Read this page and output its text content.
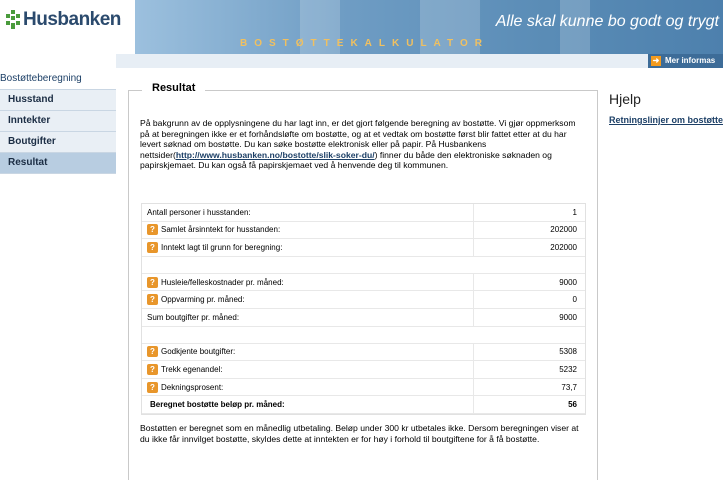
Husbanken	Alle skal kunne bo godt og trygt
BOSTØTTEKALKULATOR
➜ Mer informas
Bostøtteberegning
Husstand
Inntekter
Boutgifter
Resultat
Resultat
På bakgrunn av de opplysningene du har lagt inn, er det gjort følgende beregning av bostøtte. Vi gjør oppmerksom på at beregningen ikke er et forhåndsløfte om bostøtte, og at et vedtak om bostøtte først blir fattet etter at du har levert søknad om bostøtte. Du kan søke bostøtte elektronisk eller på papir. På Husbankens nettsider(http://www.husbanken.no/bostotte/slik-soker-du/) finner du både den elektroniske søknaden og papirskjemaet. Du kan også få papirskjemaet ved å henvende deg til kommunen.
Antall personer i husstanden:	1
? Samlet årsinntekt for husstanden:	202000
? Inntekt lagt til grunn for beregning:	202000
? Husleie/felleskostnader pr. måned:	9000
? Oppvarming pr. måned:	0
Sum boutgifter pr. måned:	9000
? Godkjente boutgifter:	5308
? Trekk egenandel:	5232
? Dekningsprosent:	73,7
Beregnet bostøtte beløp pr. måned:	56
Bostøtten er beregnet som en månedlig utbetaling. Beløp under 300 kr utbetales ikke. Dersom beregningen viser at du ikke får innvilget bostøtte, skyldes dette at inntekten er for høy i forhold til boutgiftene for å få bostøtte.
Hjelp
Retningslinjer om bostøtte
